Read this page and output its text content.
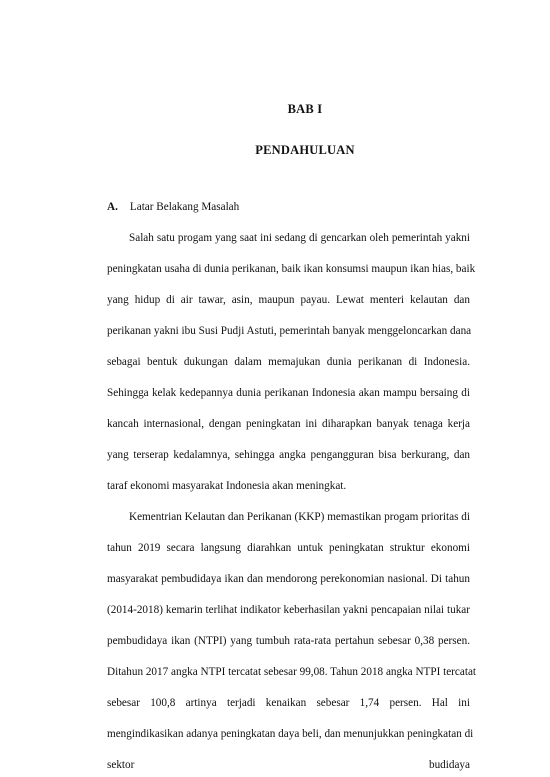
BAB I
PENDAHULUAN
A. Latar Belakang Masalah
Salah satu progam yang saat ini sedang di gencarkan oleh pemerintah yakni
peningkatan usaha di dunia perikanan, baik ikan konsumsi maupun ikan hias, baik
yang hidup di air tawar, asin, maupun payau. Lewat menteri kelautan dan
perikanan yakni ibu Susi Pudji Astuti, pemerintah banyak menggeloncarkan dana
sebagai bentuk dukungan dalam memajukan dunia perikanan di Indonesia.
Sehingga kelak kedepannya dunia perikanan Indonesia akan mampu bersaing di
kancah internasional, dengan peningkatan ini diharapkan banyak tenaga kerja
yang terserap kedalamnya, sehingga angka pengangguran bisa berkurang, dan
taraf ekonomi masyarakat Indonesia akan meningkat.
Kementrian Kelautan dan Perikanan (KKP) memastikan progam prioritas di
tahun 2019 secara langsung diarahkan untuk peningkatan struktur ekonomi
masyarakat pembudidaya ikan dan mendorong perekonomian nasional. Di tahun
(2014-2018) kemarin terlihat indikator keberhasilan yakni pencapaian nilai tukar
pembudidaya ikan (NTPI) yang tumbuh rata-rata pertahun sebesar 0,38 persen.
Ditahun 2017 angka NTPI tercatat sebesar 99,08. Tahun 2018 angka NTPI tercatat
sebesar 100,8 artinya terjadi kenaikan sebesar 1,74 persen. Hal ini
mengindikasikan adanya peningkatan daya beli, dan menunjukkan peningkatan di
sektor budidaya
